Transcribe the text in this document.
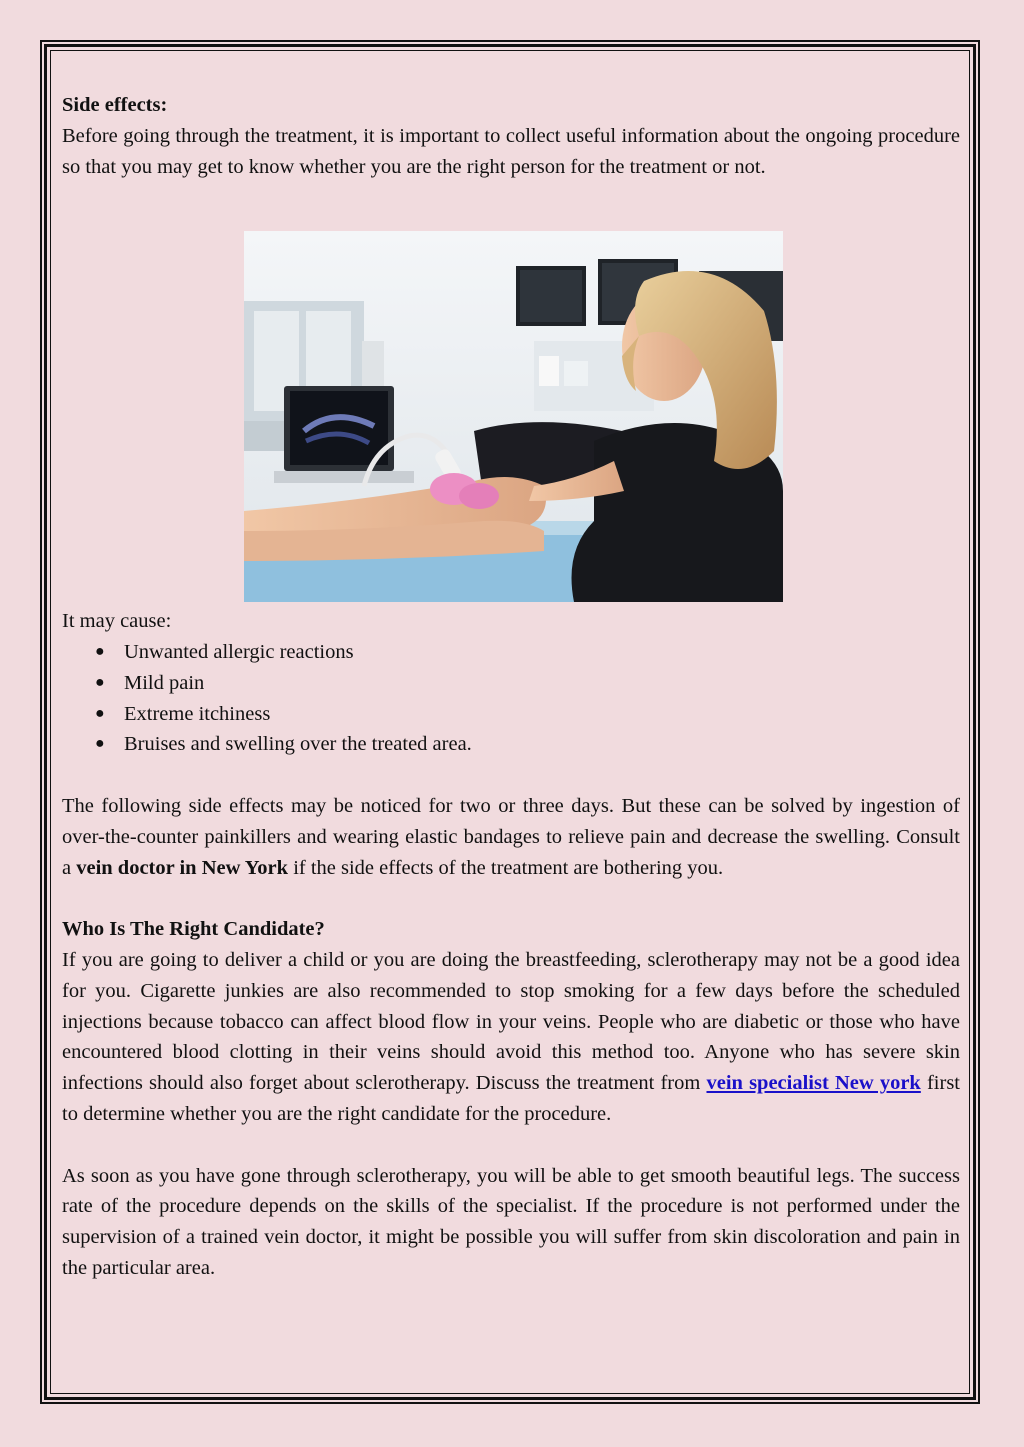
Side effects:

Before going through the treatment, it is important to collect useful information about the ongoing procedure so that you may get to know whether you are the right person for the treatment or not.

It may cause:

● Unwanted allergic reactions
● Mild pain
● Extreme itchiness
● Bruises and swelling over the treated area.

The following side effects may be noticed for two or three days. But these can be solved by ingestion of over-the-counter painkillers and wearing elastic bandages to relieve pain and decrease the swelling. Consult a vein doctor in New York if the side effects of the treatment are bothering you.

Who Is The Right Candidate?

If you are going to deliver a child or you are doing the breastfeeding, sclerotherapy may not be a good idea for you. Cigarette junkies are also recommended to stop smoking for a few days before the scheduled injections because tobacco can affect blood flow in your veins. People who are diabetic or those who have encountered blood clotting in their veins should avoid this method too. Anyone who has severe skin infections should also forget about sclerotherapy. Discuss the treatment from vein specialist New york first to determine whether you are the right candidate for the procedure.

As soon as you have gone through sclerotherapy, you will be able to get smooth beautiful legs. The success rate of the procedure depends on the skills of the specialist. If the procedure is not performed under the supervision of a trained vein doctor, it might be possible you will suffer from skin discoloration and pain in the particular area.
